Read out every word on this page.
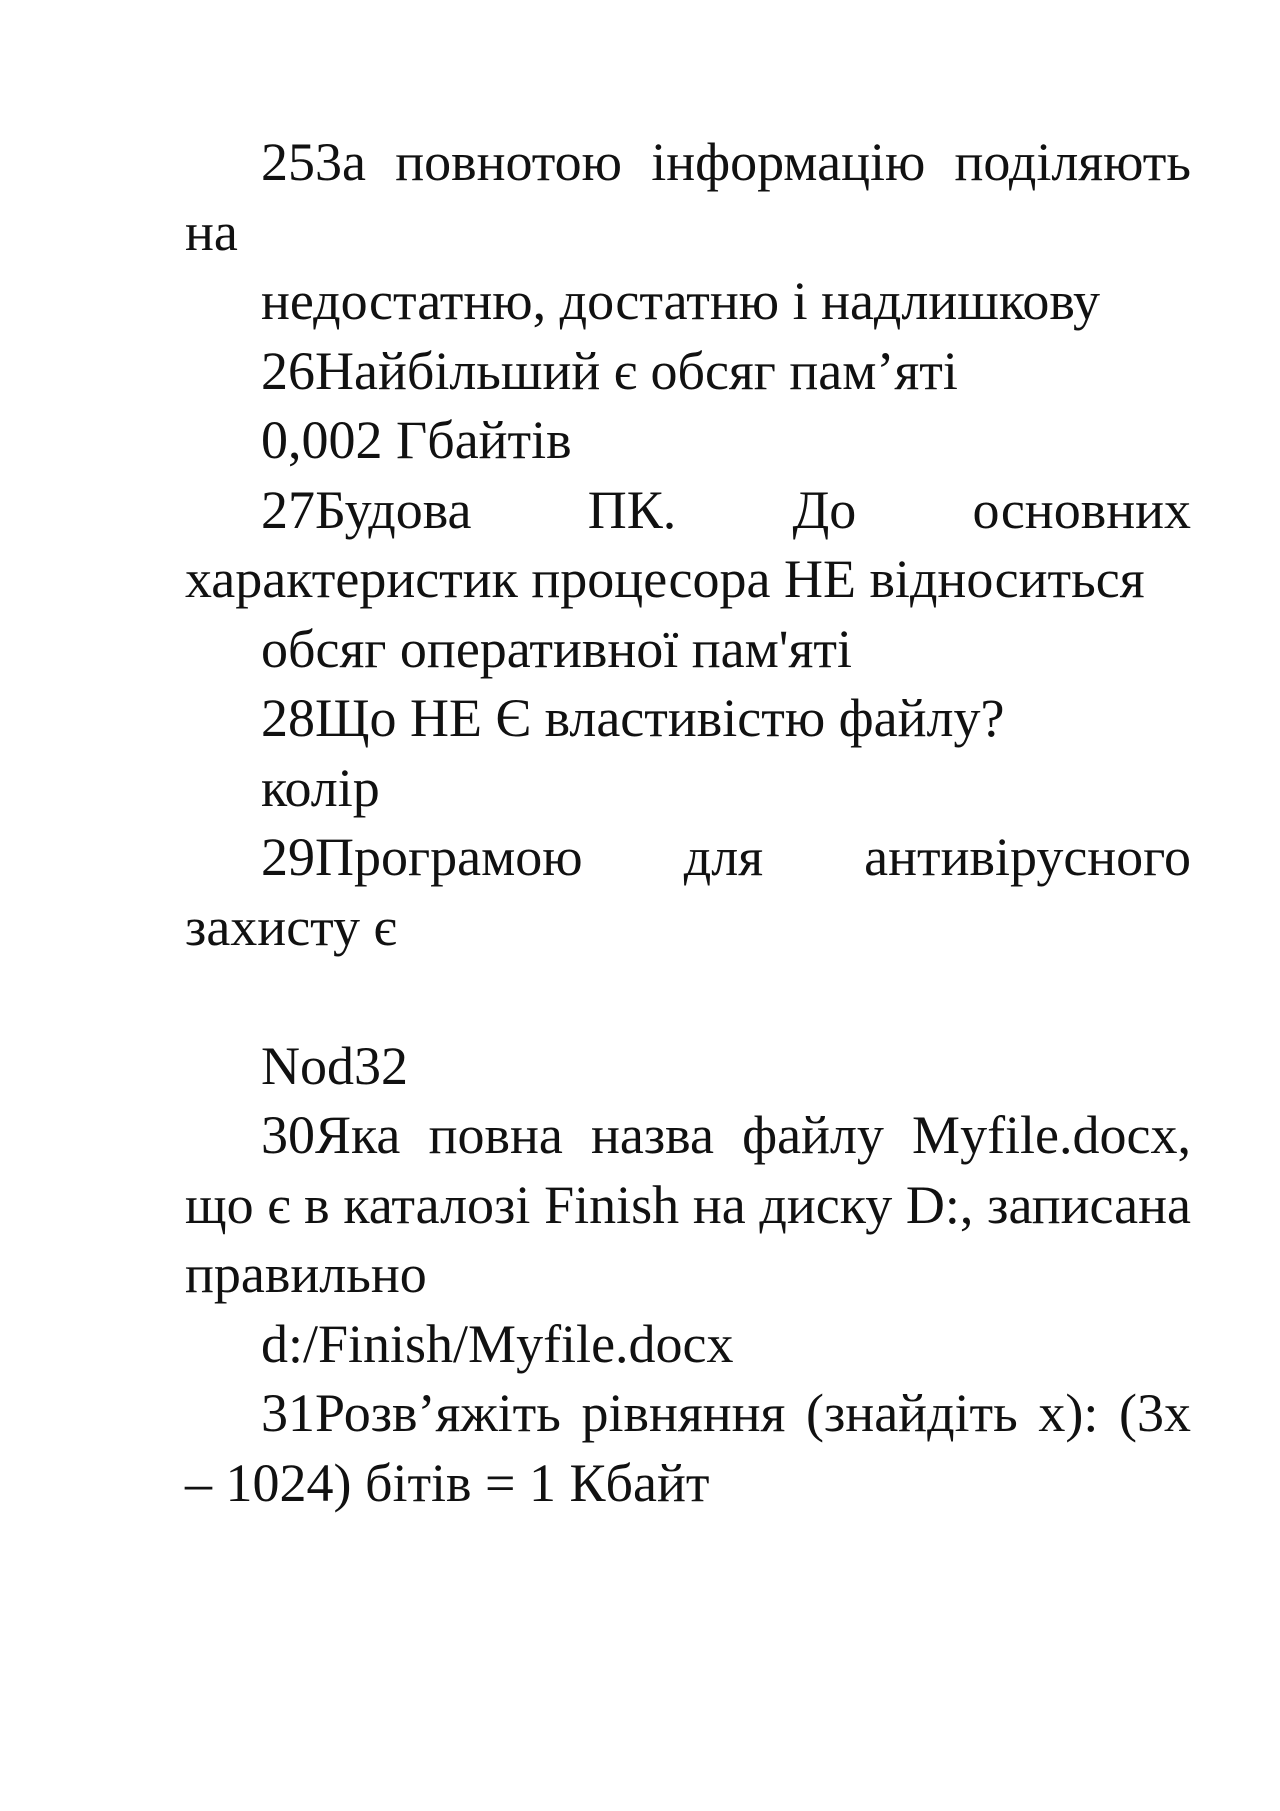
253а повнотою інформацію поділяють на

недостатню, достатню і надлишкову

26Найбільший є обсяг пам’яті

0,002 Гбайтів

27Будова ПК. До основних характеристик процесора НЕ відноситься

обсяг оперативної пам'яті

28Що НЕ Є властивістю файлу?

колір

29Програмою для антивірусного захисту є

Nod32

30Яка повна назва файлу Myfile.docx, що є в каталозі Finish на диску D:, записана правильно

d:/Finish/Myfile.docx

31Розв’яжіть рівняння (знайдіть x): (3x – 1024) бітів = 1 Кбайт
